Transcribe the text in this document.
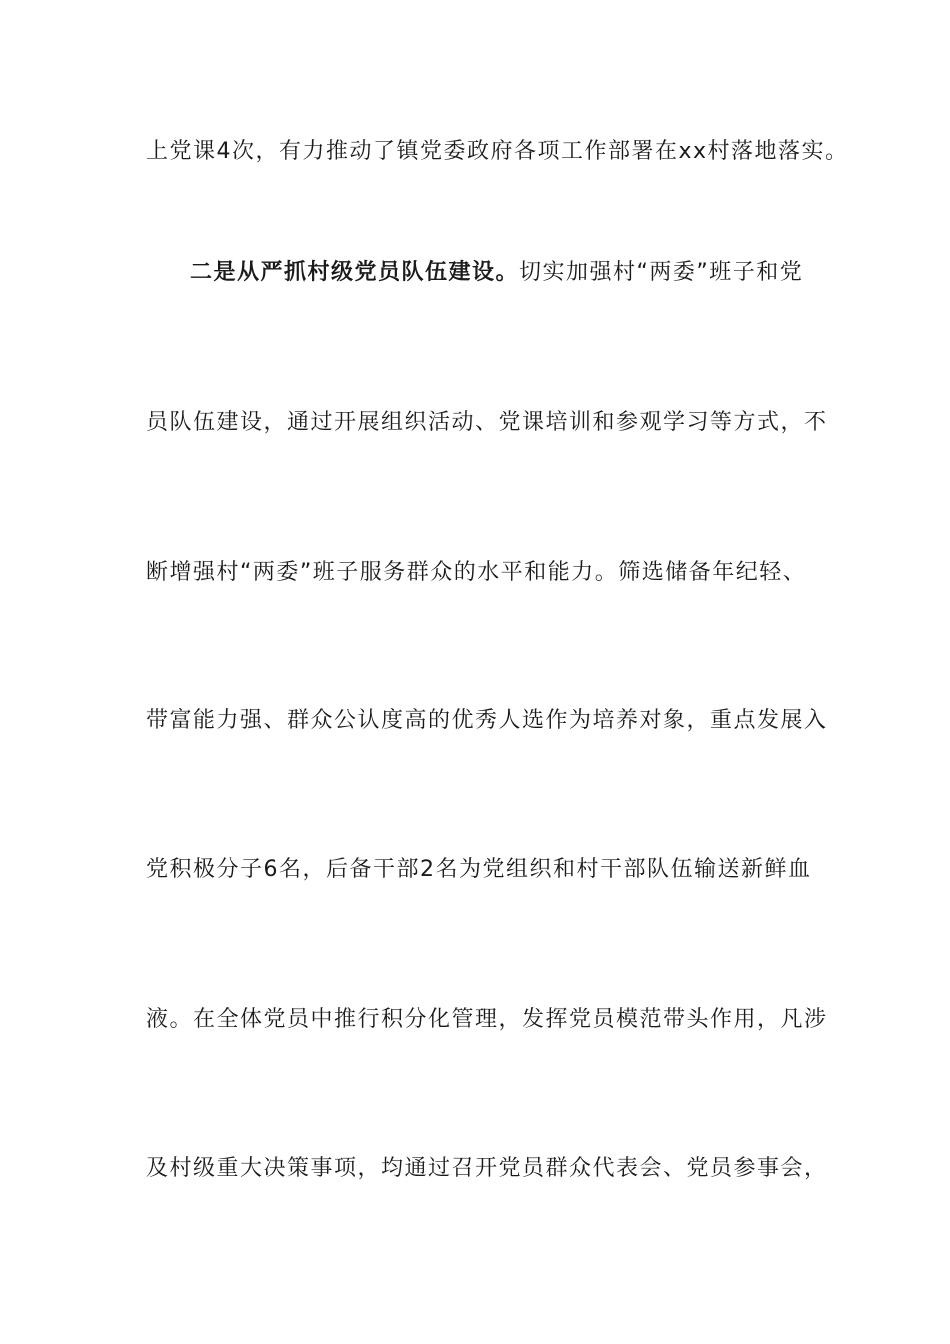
上党课4次，有力推动了镇党委政府各项工作部署在xx村落地落实。
二是从严抓村级党员队伍建设。切实加强村“两委”班子和党
员队伍建设，通过开展组织活动、党课培训和参观学习等方式，不
断增强村“两委”班子服务群众的水平和能力。筛选储备年纪轻、
带富能力强、群众公认度高的优秀人选作为培养对象，重点发展入
党积极分子6名，后备干部2名为党组织和村干部队伍输送新鲜血
液。在全体党员中推行积分化管理，发挥党员模范带头作用，凡涉
及村级重大决策事项，均通过召开党员群众代表会、党员参事会，
